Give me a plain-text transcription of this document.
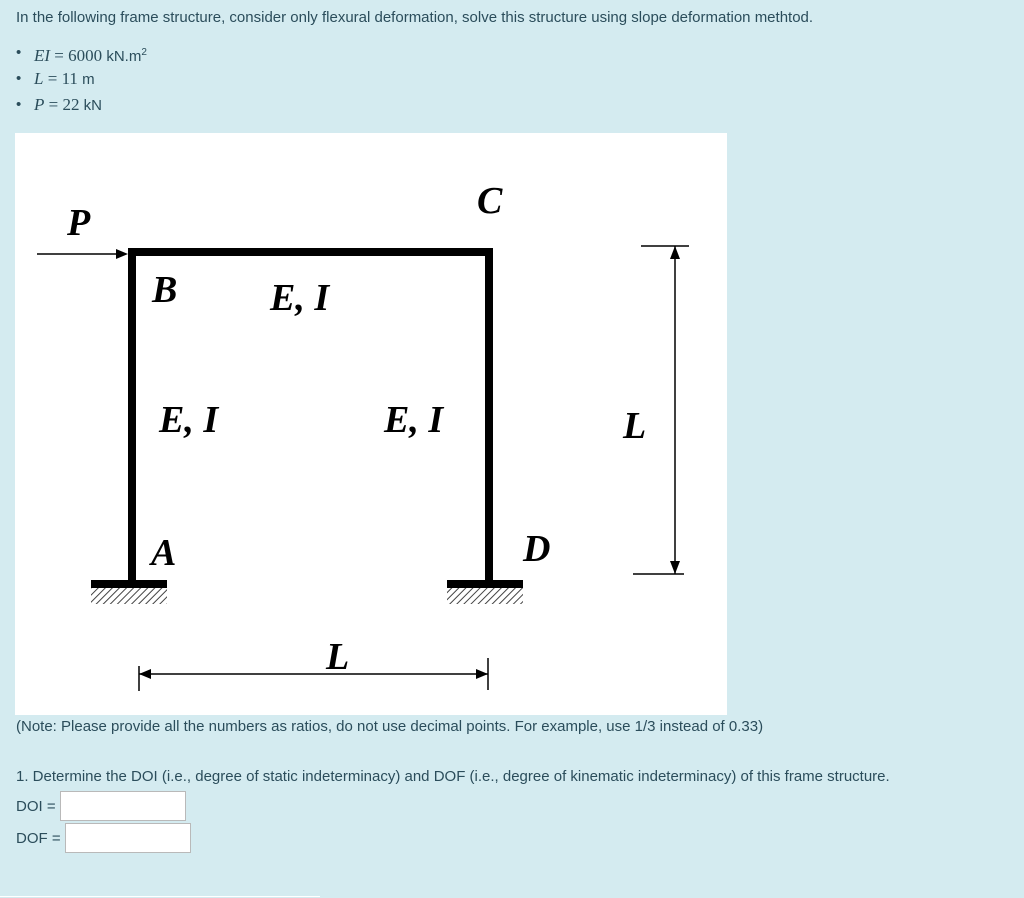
In the following frame structure, consider only flexural deformation, solve this structure using slope deformation methtod.
• EI = 6000 $kN.m^2$
• L = 11 m
• P = 22 kN
P
B
C
A	D
E, I
E, I	E, I	L
L
(Note: Please provide all the numbers as ratios, do not use decimal points. For example, use 1/3 instead of 0.33)
1. Determine the DOI (i.e., degree of static indeterminacy) and DOF (i.e., degree of kinematic indeterminacy) of this frame structure.
DOI =
DOF =
